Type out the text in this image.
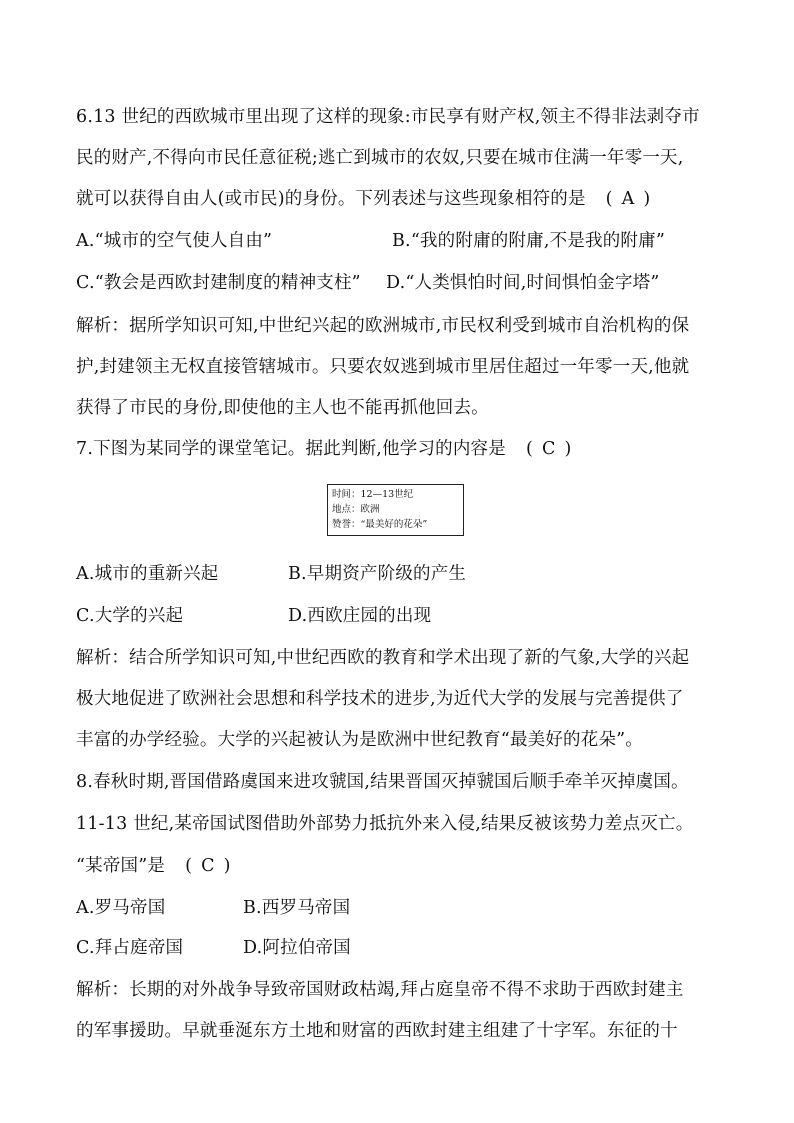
6.13 世纪的西欧城市里出现了这样的现象:市民享有财产权,领主不得非法剥夺市
民的财产,不得向市民任意征税;逃亡到城市的农奴,只要在城市住满一年零一天,
就可以获得自由人(或市民)的身份。下列表述与这些现象相符的是 ( A )
A.“城市的空气使人自由”	B.“我的附庸的附庸,不是我的附庸”
C.“教会是西欧封建制度的精神支柱” D.“人类惧怕时间,时间惧怕金字塔”
解析：据所学知识可知,中世纪兴起的欧洲城市,市民权利受到城市自治机构的保
护,封建领主无权直接管辖城市。只要农奴逃到城市里居住超过一年零一天,他就
获得了市民的身份,即使他的主人也不能再抓他回去。
7.下图为某同学的课堂笔记。据此判断,他学习的内容是 ( C )
时间：12—13世纪
地点：欧洲
赞誉：“最美好的花朵”
A.城市的重新兴起	B.早期资产阶级的产生
C.大学的兴起	D.西欧庄园的出现
解析：结合所学知识可知,中世纪西欧的教育和学术出现了新的气象,大学的兴起
极大地促进了欧洲社会思想和科学技术的进步,为近代大学的发展与完善提供了
丰富的办学经验。大学的兴起被认为是欧洲中世纪教育“最美好的花朵”。
8.春秋时期,晋国借路虞国来进攻虢国,结果晋国灭掉虢国后顺手牵羊灭掉虞国。
11-13 世纪,某帝国试图借助外部势力抵抗外来入侵,结果反被该势力差点灭亡。
“某帝国”是 ( C )
A.罗马帝国	B.西罗马帝国
C.拜占庭帝国	D.阿拉伯帝国
解析：长期的对外战争导致帝国财政枯竭,拜占庭皇帝不得不求助于西欧封建主
的军事援助。早就垂涎东方土地和财富的西欧封建主组建了十字军。东征的十
